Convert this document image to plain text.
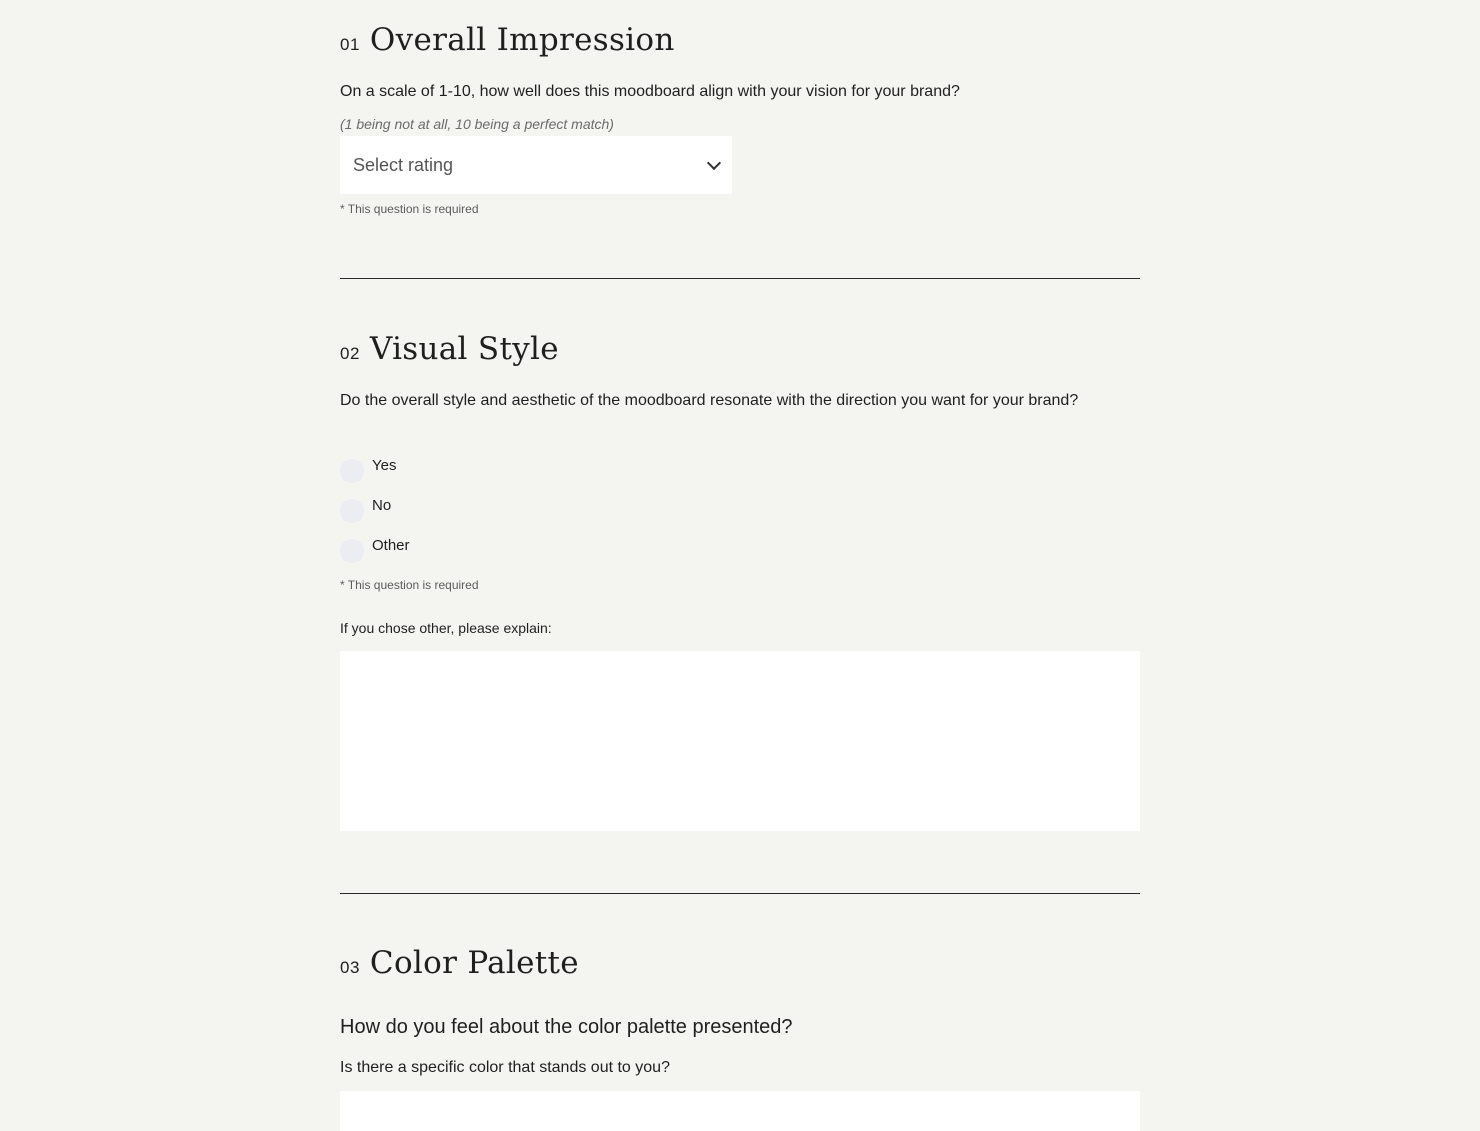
01 Overall Impression
On a scale of 1-10, how well does this moodboard align with your vision for your brand?
(1 being not at all, 10 being a perfect match)
Select rating
* This question is required
02 Visual Style
Do the overall style and aesthetic of the moodboard resonate with the direction you want for your brand?
Yes
No
Other
* This question is required
If you chose other, please explain:
03 Color Palette
How do you feel about the color palette presented?
Is there a specific color that stands out to you?
